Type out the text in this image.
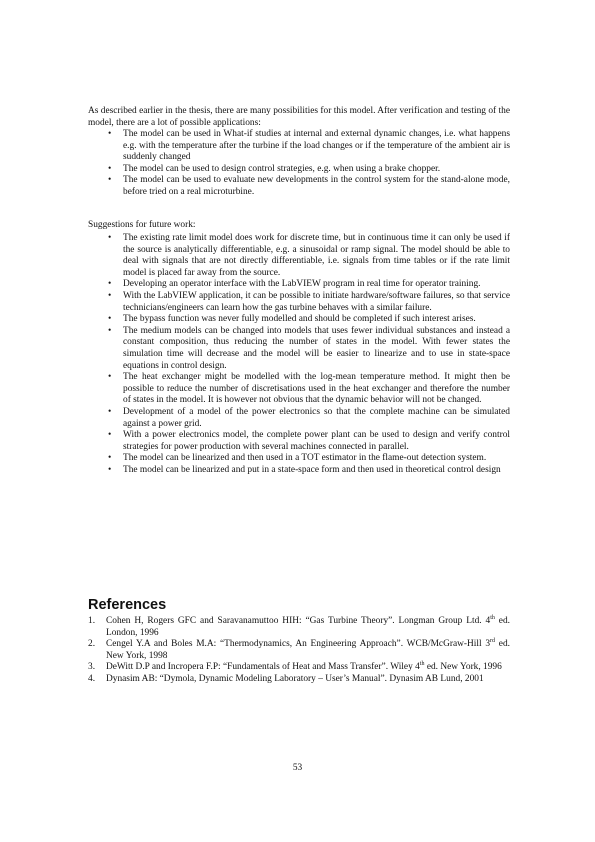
As described earlier in the thesis, there are many possibilities for this model. After verification and testing of the model, there are a lot of possible applications:

• The model can be used in What-if studies at internal and external dynamic changes, i.e. what happens e.g. with the temperature after the turbine if the load changes or if the temperature of the ambient air is suddenly changed
• The model can be used to design control strategies, e.g. when using a brake chopper.
• The model can be used to evaluate new developments in the control system for the stand-alone mode, before tried on a real microturbine.

Suggestions for future work:

• The existing rate limit model does work for discrete time, but in continuous time it can only be used if the source is analytically differentiable, e.g. a sinusoidal or ramp signal. The model should be able to deal with signals that are not directly differentiable, i.e. signals from time tables or if the rate limit model is placed far away from the source.
• Developing an operator interface with the LabVIEW program in real time for operator training.
• With the LabVIEW application, it can be possible to initiate hardware/software failures, so that service technicians/engineers can learn how the gas turbine behaves with a similar failure.
• The bypass function was never fully modelled and should be completed if such interest arises.
• The medium models can be changed into models that uses fewer individual substances and instead a constant composition, thus reducing the number of states in the model. With fewer states the simulation time will decrease and the model will be easier to linearize and to use in state-space equations in control design.
• The heat exchanger might be modelled with the log-mean temperature method. It might then be possible to reduce the number of discretisations used in the heat exchanger and therefore the number of states in the model. It is however not obvious that the dynamic behavior will not be changed.
• Development of a model of the power electronics so that the complete machine can be simulated against a power grid.
• With a power electronics model, the complete power plant can be used to design and verify control strategies for power production with several machines connected in parallel.
• The model can be linearized and then used in a TOT estimator in the flame-out detection system.
• The model can be linearized and put in a state-space form and then used in theoretical control design
References
1. Cohen H, Rogers GFC and Saravanamuttoo HIH: “Gas Turbine Theory”. Longman Group Ltd. 4th ed. London, 1996
2. Cengel Y.A and Boles M.A: “Thermodynamics, An Engineering Approach”. WCB/McGraw-Hill 3rd ed. New York, 1998
3. DeWitt D.P and Incropera F.P: “Fundamentals of Heat and Mass Transfer”. Wiley 4th ed. New York, 1996
4. Dynasim AB: “Dymola, Dynamic Modeling Laboratory – User’s Manual”. Dynasim AB Lund, 2001
53
